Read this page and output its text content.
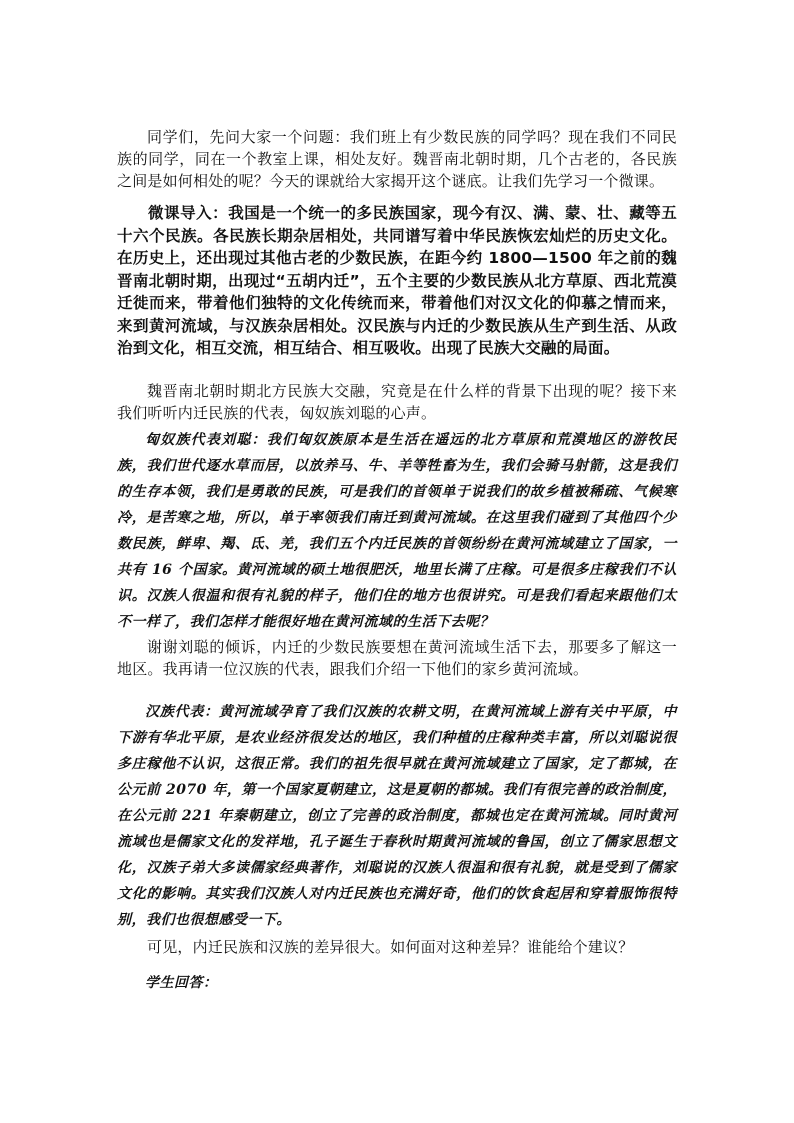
同学们，先问大家一个问题：我们班上有少数民族的同学吗？现在我们不同民族的同学，同在一个教室上课，相处友好。魏晋南北朝时期，几个古老的，各民族之间是如何相处的呢？今天的课就给大家揭开这个谜底。让我们先学习一个微课。

微课导入：我国是一个统一的多民族国家，现今有汉、满、蒙、壮、藏等五十六个民族。各民族长期杂居相处，共同谱写着中华民族恢宏灿烂的历史文化。在历史上，还出现过其他古老的少数民族，在距今约 1800—1500 年之前的魏晋南北朝时期，出现过“五胡内迁”，五个主要的少数民族从北方草原、西北荒漠迁徙而来，带着他们独特的文化传统而来，带着他们对汉文化的仰慕之情而来，来到黄河流域，与汉族杂居相处。汉民族与内迁的少数民族从生产到生活、从政治到文化，相互交流，相互结合、相互吸收。出现了民族大交融的局面。

魏晋南北朝时期北方民族大交融，究竟是在什么样的背景下出现的呢？接下来我们听听内迁民族的代表，匈奴族刘聪的心声。

匈奴族代表刘聪：我们匈奴族原本是生活在遥远的北方草原和荒漠地区的游牧民族，我们世代逐水草而居，以放养马、牛、羊等牲畜为生，我们会骑马射箭，这是我们的生存本领，我们是勇敢的民族，可是我们的首领单于说我们的故乡植被稀疏、气候寒冷，是苦寒之地，所以，单于率领我们南迁到黄河流域。在这里我们碰到了其他四个少数民族，鲜卑、羯、氐、羌，我们五个内迁民族的首领纷纷在黄河流域建立了国家，一共有 16 个国家。黄河流域的硕土地很肥沃，地里长满了庄稼。可是很多庄稼我们不认识。汉族人很温和很有礼貌的样子，他们住的地方也很讲究。可是我们看起来跟他们太不一样了，我们怎样才能很好地在黄河流域的生活下去呢？

谢谢刘聪的倾诉，内迁的少数民族要想在黄河流域生活下去，那要多了解这一地区。我再请一位汉族的代表，跟我们介绍一下他们的家乡黄河流域。

汉族代表：黄河流域孕育了我们汉族的农耕文明，在黄河流域上游有关中平原，中下游有华北平原，是农业经济很发达的地区，我们种植的庄稼种类丰富，所以刘聪说很多庄稼他不认识，这很正常。我们的祖先很早就在黄河流域建立了国家，定了都城，在公元前 2070 年，第一个国家夏朝建立，这是夏朝的都城。我们有很完善的政治制度，在公元前 221 年秦朝建立，创立了完善的政治制度，都城也定在黄河流域。同时黄河流域也是儒家文化的发祥地，孔子诞生于春秋时期黄河流域的鲁国，创立了儒家思想文化，汉族子弟大多读儒家经典著作，刘聪说的汉族人很温和很有礼貌，就是受到了儒家文化的影响。其实我们汉族人对内迁民族也充满好奇，他们的饮食起居和穿着服饰很特别，我们也很想感受一下。

可见，内迁民族和汉族的差异很大。如何面对这种差异？谁能给个建议？

学生回答：
